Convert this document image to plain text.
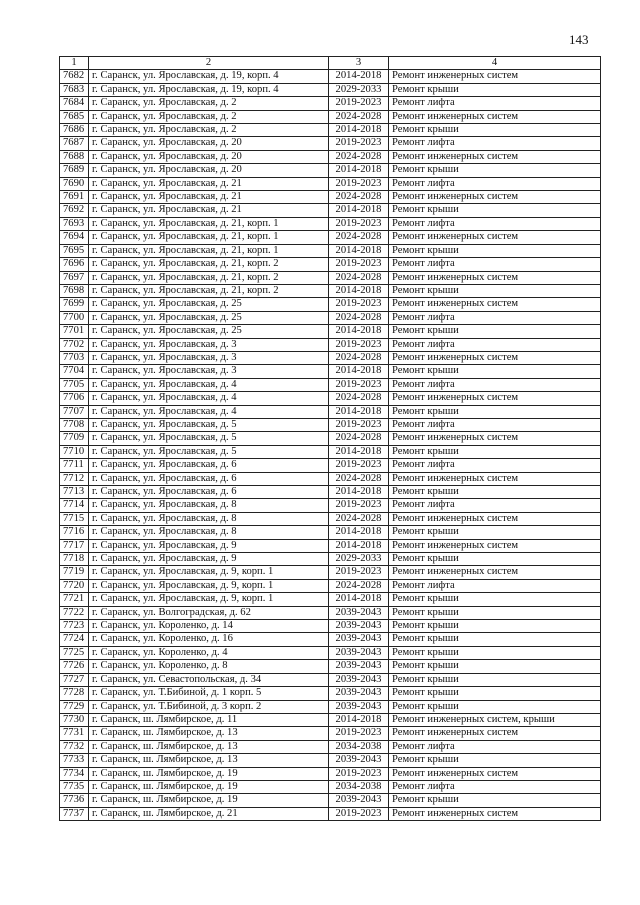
143
1	2	3	4
7682	г. Саранск, ул. Ярославская, д. 19, корп. 4	2014-2018	Ремонт инженерных систем
7683	г. Саранск, ул. Ярославская, д. 19, корп. 4	2029-2033	Ремонт крыши
7684	г. Саранск, ул. Ярославская, д. 2	2019-2023	Ремонт лифта
7685	г. Саранск, ул. Ярославская, д. 2	2024-2028	Ремонт инженерных систем
7686	г. Саранск, ул. Ярославская, д. 2	2014-2018	Ремонт крыши
7687	г. Саранск, ул. Ярославская, д. 20	2019-2023	Ремонт лифта
7688	г. Саранск, ул. Ярославская, д. 20	2024-2028	Ремонт инженерных систем
7689	г. Саранск, ул. Ярославская, д. 20	2014-2018	Ремонт крыши
7690	г. Саранск, ул. Ярославская, д. 21	2019-2023	Ремонт лифта
7691	г. Саранск, ул. Ярославская, д. 21	2024-2028	Ремонт инженерных систем
7692	г. Саранск, ул. Ярославская, д. 21	2014-2018	Ремонт крыши
7693	г. Саранск, ул. Ярославская, д. 21, корп. 1	2019-2023	Ремонт лифта
7694	г. Саранск, ул. Ярославская, д. 21, корп. 1	2024-2028	Ремонт инженерных систем
7695	г. Саранск, ул. Ярославская, д. 21, корп. 1	2014-2018	Ремонт крыши
7696	г. Саранск, ул. Ярославская, д. 21, корп. 2	2019-2023	Ремонт лифта
7697	г. Саранск, ул. Ярославская, д. 21, корп. 2	2024-2028	Ремонт инженерных систем
7698	г. Саранск, ул. Ярославская, д. 21, корп. 2	2014-2018	Ремонт крыши
7699	г. Саранск, ул. Ярославская, д. 25	2019-2023	Ремонт инженерных систем
7700	г. Саранск, ул. Ярославская, д. 25	2024-2028	Ремонт лифта
7701	г. Саранск, ул. Ярославская, д. 25	2014-2018	Ремонт крыши
7702	г. Саранск, ул. Ярославская, д. 3	2019-2023	Ремонт лифта
7703	г. Саранск, ул. Ярославская, д. 3	2024-2028	Ремонт инженерных систем
7704	г. Саранск, ул. Ярославская, д. 3	2014-2018	Ремонт крыши
7705	г. Саранск, ул. Ярославская, д. 4	2019-2023	Ремонт лифта
7706	г. Саранск, ул. Ярославская, д. 4	2024-2028	Ремонт инженерных систем
7707	г. Саранск, ул. Ярославская, д. 4	2014-2018	Ремонт крыши
7708	г. Саранск, ул. Ярославская, д. 5	2019-2023	Ремонт лифта
7709	г. Саранск, ул. Ярославская, д. 5	2024-2028	Ремонт инженерных систем
7710	г. Саранск, ул. Ярославская, д. 5	2014-2018	Ремонт крыши
7711	г. Саранск, ул. Ярославская, д. 6	2019-2023	Ремонт лифта
7712	г. Саранск, ул. Ярославская, д. 6	2024-2028	Ремонт инженерных систем
7713	г. Саранск, ул. Ярославская, д. 6	2014-2018	Ремонт крыши
7714	г. Саранск, ул. Ярославская, д. 8	2019-2023	Ремонт лифта
7715	г. Саранск, ул. Ярославская, д. 8	2024-2028	Ремонт инженерных систем
7716	г. Саранск, ул. Ярославская, д. 8	2014-2018	Ремонт крыши
7717	г. Саранск, ул. Ярославская, д. 9	2014-2018	Ремонт инженерных систем
7718	г. Саранск, ул. Ярославская, д. 9	2029-2033	Ремонт крыши
7719	г. Саранск, ул. Ярославская, д. 9, корп. 1	2019-2023	Ремонт инженерных систем
7720	г. Саранск, ул. Ярославская, д. 9, корп. 1	2024-2028	Ремонт лифта
7721	г. Саранск, ул. Ярославская, д. 9, корп. 1	2014-2018	Ремонт крыши
7722	г. Саранск, ул. Волгоградская, д. 62	2039-2043	Ремонт крыши
7723	г. Саранск, ул. Короленко, д. 14	2039-2043	Ремонт крыши
7724	г. Саранск, ул. Короленко, д. 16	2039-2043	Ремонт крыши
7725	г. Саранск, ул. Короленко, д. 4	2039-2043	Ремонт крыши
7726	г. Саранск, ул. Короленко, д. 8	2039-2043	Ремонт крыши
7727	г. Саранск, ул. Севастопольская, д. 34	2039-2043	Ремонт крыши
7728	г. Саранск, ул. Т.Бибиной, д. 1 корп. 5	2039-2043	Ремонт крыши
7729	г. Саранск, ул. Т.Бибиной, д. 3 корп. 2	2039-2043	Ремонт крыши
7730	г. Саранск, ш. Лямбирское, д. 11	2014-2018	Ремонт инженерных систем, крыши
7731	г. Саранск, ш. Лямбирское, д. 13	2019-2023	Ремонт инженерных систем
7732	г. Саранск, ш. Лямбирское, д. 13	2034-2038	Ремонт лифта
7733	г. Саранск, ш. Лямбирское, д. 13	2039-2043	Ремонт крыши
7734	г. Саранск, ш. Лямбирское, д. 19	2019-2023	Ремонт инженерных систем
7735	г. Саранск, ш. Лямбирское, д. 19	2034-2038	Ремонт лифта
7736	г. Саранск, ш. Лямбирское, д. 19	2039-2043	Ремонт крыши
7737	г. Саранск, ш. Лямбирское, д. 21	2019-2023	Ремонт инженерных систем
